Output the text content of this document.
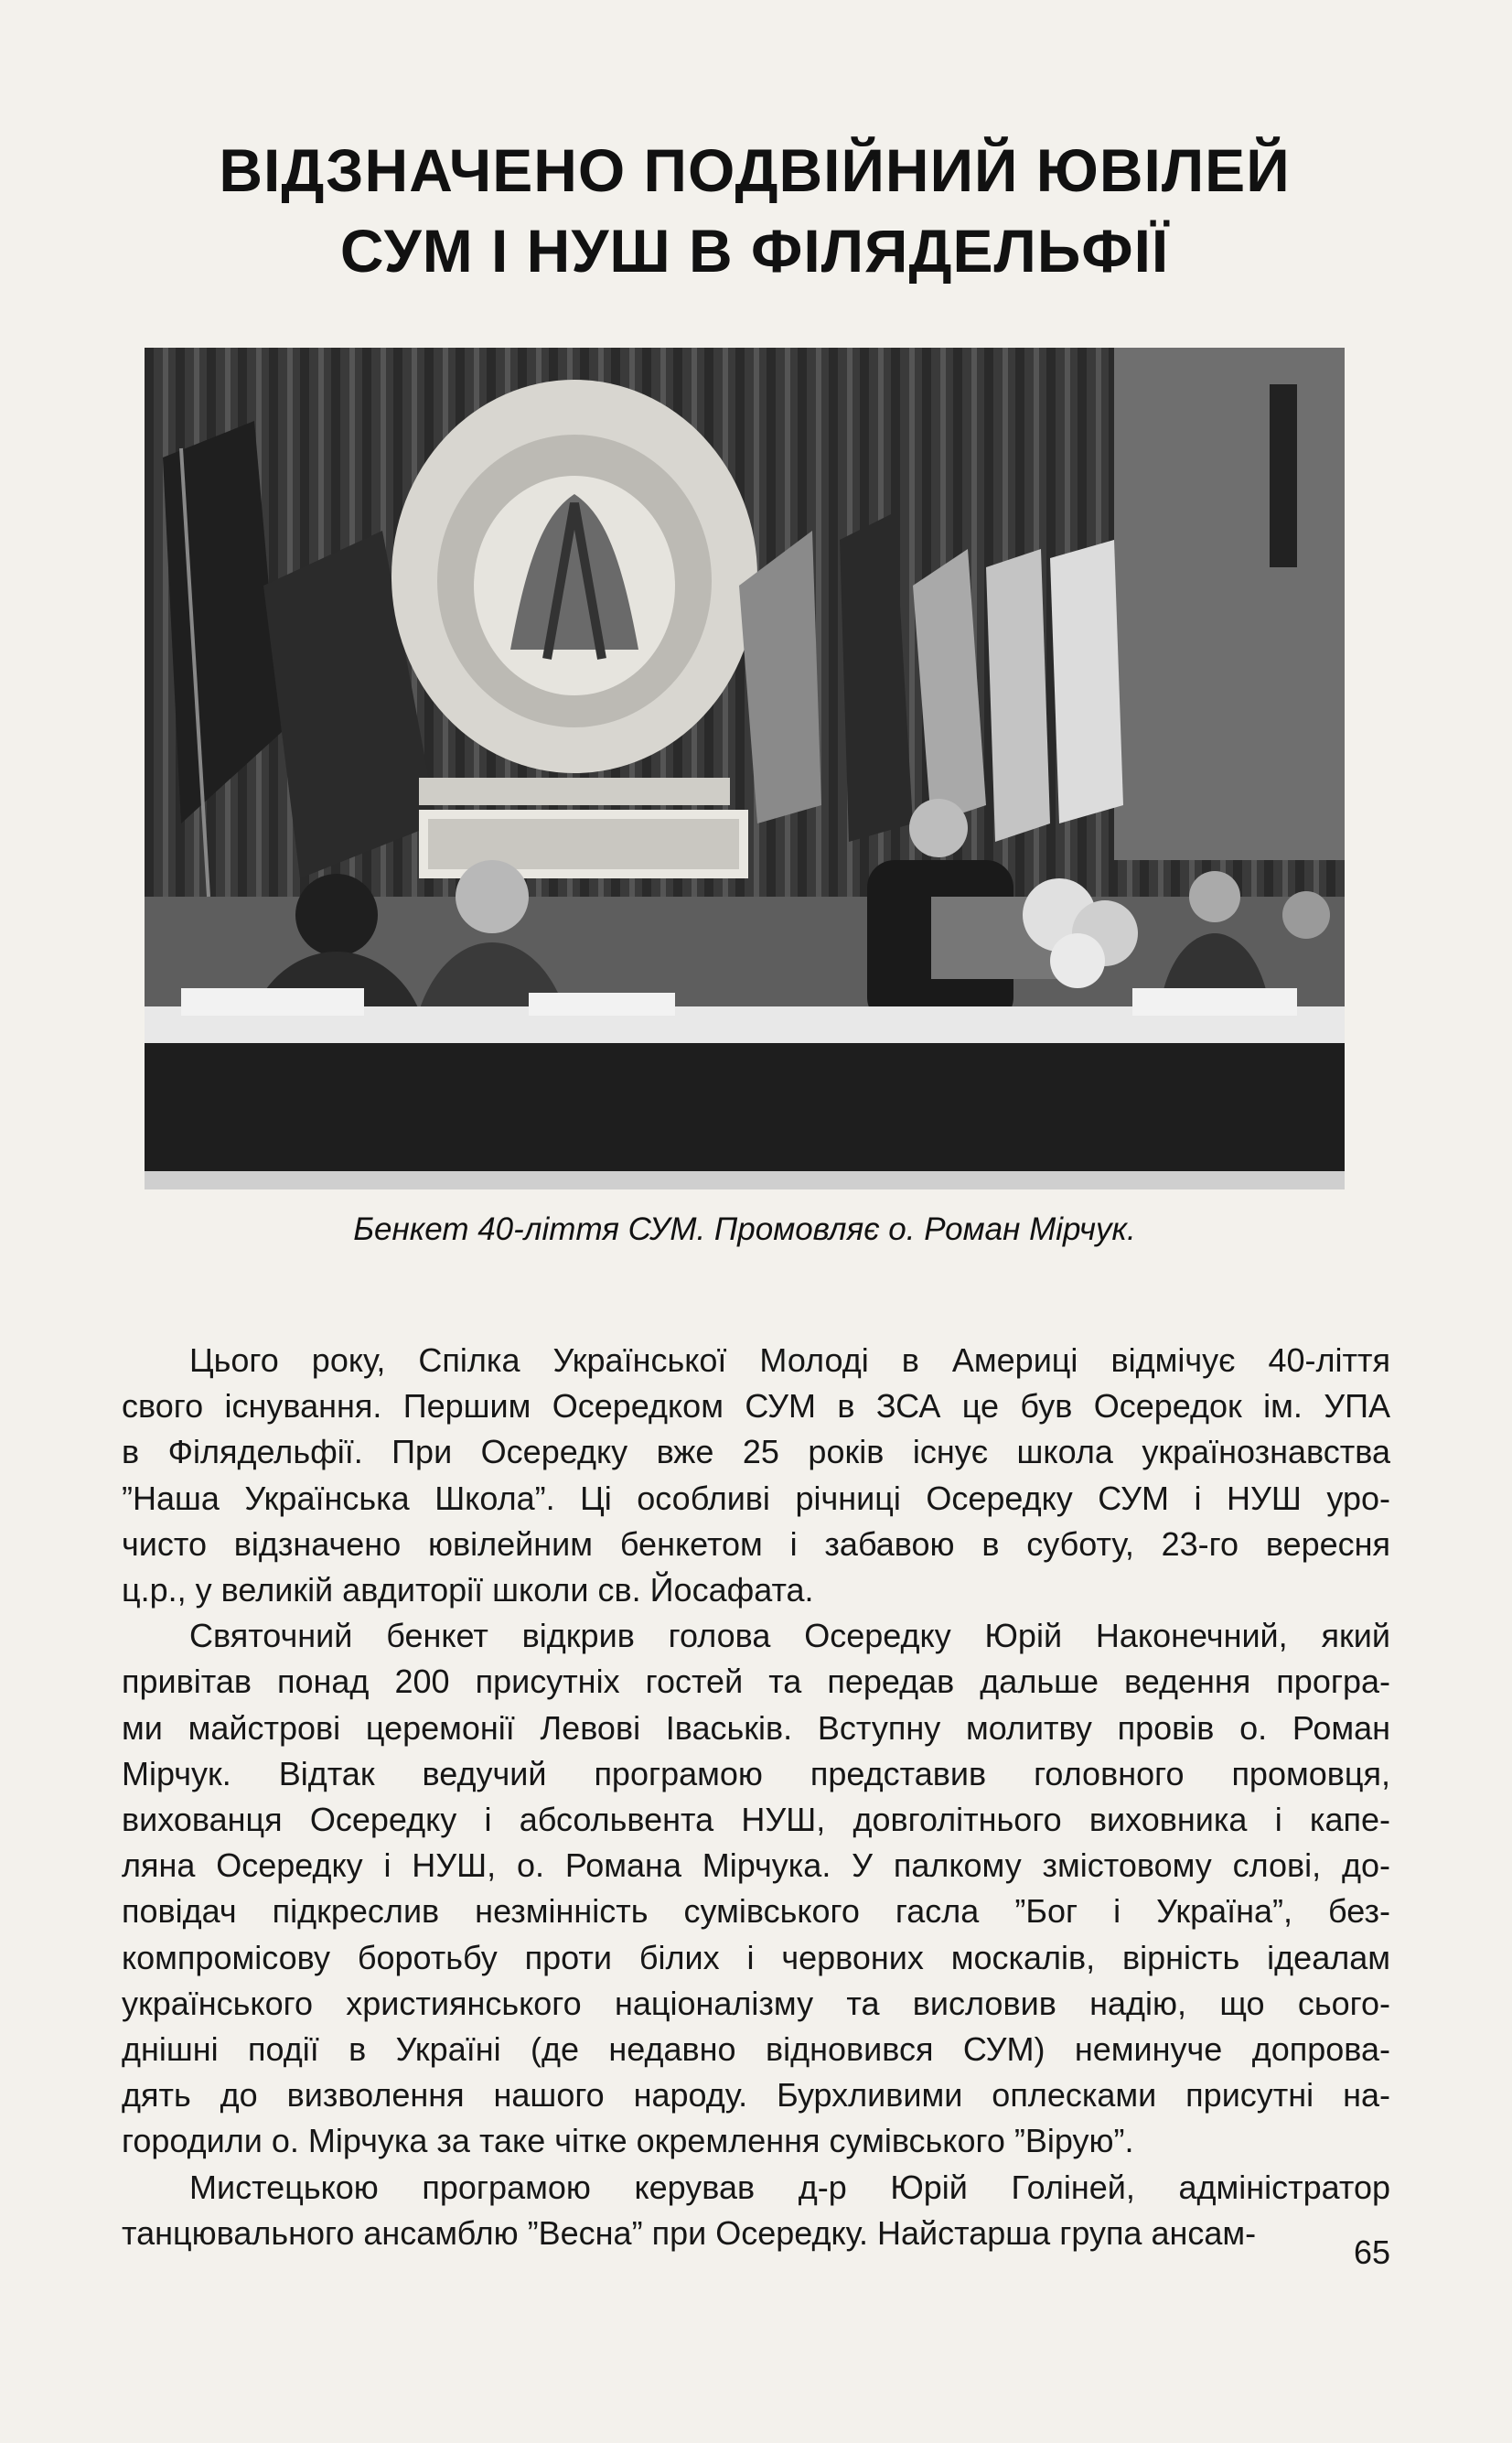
ВІДЗНАЧЕНО ПОДВІЙНИЙ ЮВІЛЕЙ
СУМ І НУШ В ФІЛЯДЕЛЬФІЇ
Бенкет 40-ліття СУМ. Промовляє о. Роман Мірчук.

Цього року, Спілка Української Молоді в Америці відмічує 40-ліття
свого існування. Першим Осередком СУМ в ЗСА це був Осередок ім. УПА
в Філядельфії. При Осередку вже 25 років існує школа українознавства
”Наша Українська Школа”. Ці особливі річниці Осередку СУМ і НУШ уро-
чисто відзначено ювілейним бенкетом і забавою в суботу, 23-го вересня
ц.р., у великій авдиторії школи св. Йосафата.

Святочний бенкет відкрив голова Осередку Юрій Наконечний, який
привітав понад 200 присутніх гостей та передав дальше ведення програ-
ми майстрові церемонії Левові Іваськів. Вступну молитву провів о. Роман
Мірчук. Відтак ведучий програмою представив головного промовця,
вихованця Осередку і абсольвента НУШ, довголітнього виховника і капе-
ляна Осередку і НУШ, о. Романа Мірчука. У палкому змістовому слові, до-
повідач підкреслив незмінність сумівського гасла ”Бог і Україна”, без-
компромісову боротьбу проти білих і червоних москалів, вірність ідеалам
українського християнського націоналізму та висловив надію, що сього-
днішні події в Україні (де недавно відновився СУМ) неминуче допрова-
дять до визволення нашого народу. Бурхливими оплесками присутні на-
городили о. Мірчука за таке чітке окремлення сумівського ”Вірую”.

Мистецькою програмою керував д-р Юрій Голіней, адміністратор
танцювального ансамблю ”Весна” при Осередку. Найстарша група ансам-

65
